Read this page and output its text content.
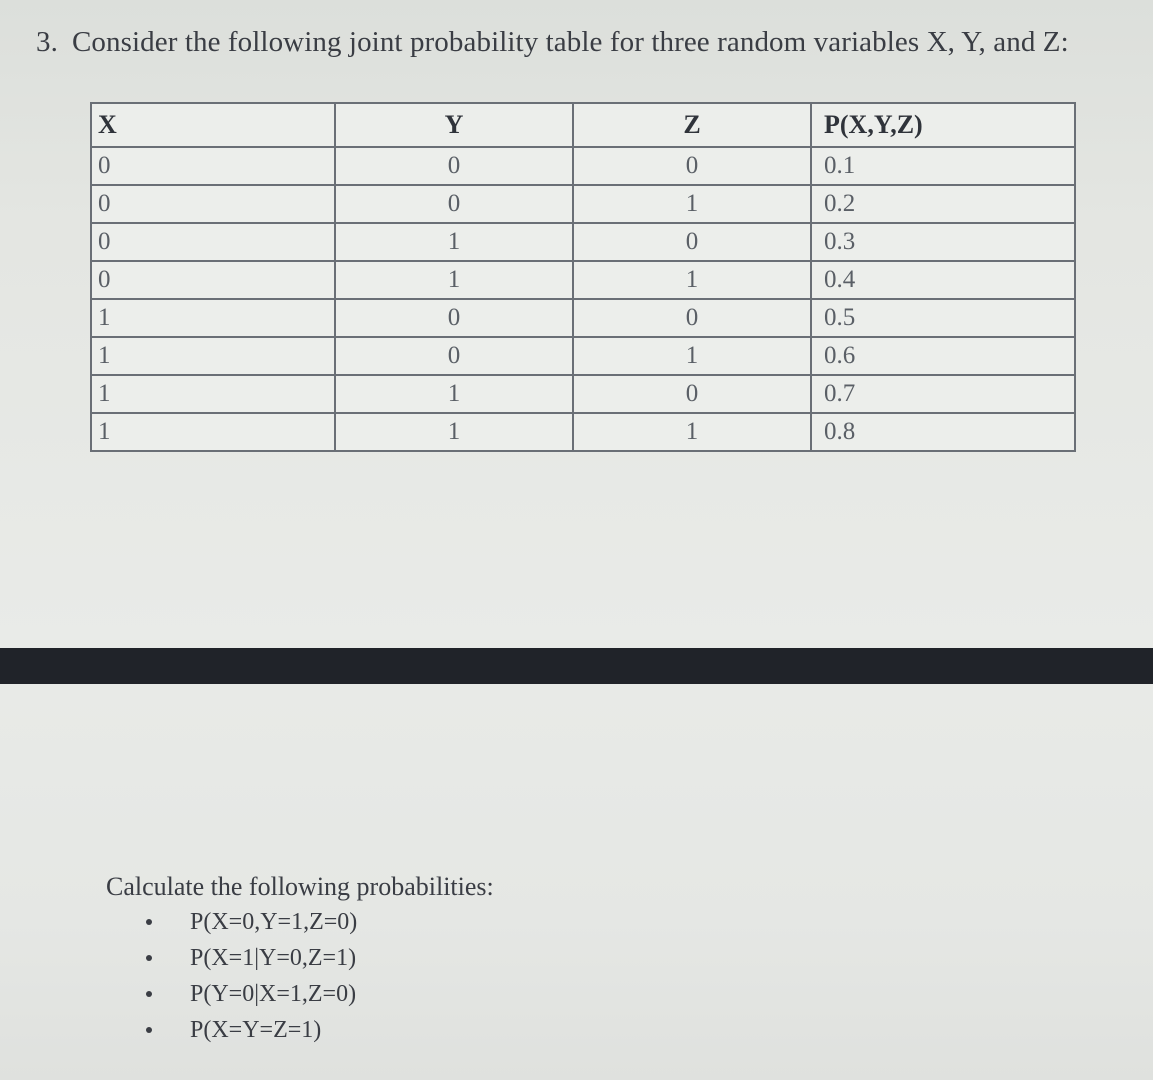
3. Consider the following joint probability table for three random variables X, Y, and Z:
X	Y	Z	P(X,Y,Z)
0	0	0	0.1
0	0	1	0.2
0	1	0	0.3
0	1	1	0.4
1	0	0	0.5
1	0	1	0.6
1	1	0	0.7
1	1	1	0.8
Calculate the following probabilities:
P(X=0,Y=1,Z=0)
P(X=1|Y=0,Z=1)
P(Y=0|X=1,Z=0)
P(X=Y=Z=1)
